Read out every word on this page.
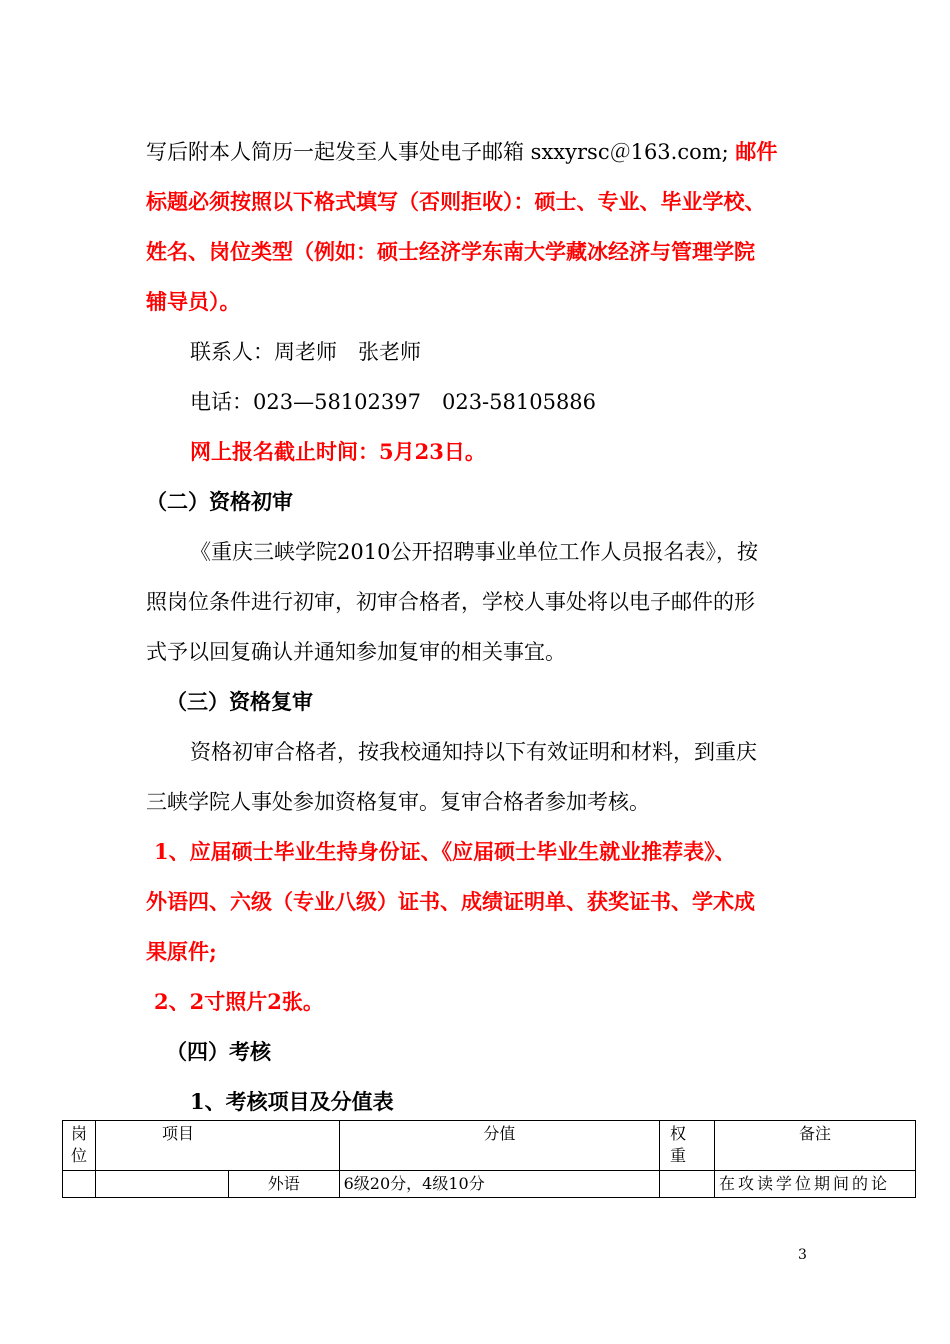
写后附本人简历一起发至人事处电子邮箱 sxxyrsc＠163.com; 邮件
标题必须按照以下格式填写（否则拒收）：硕士、专业、毕业学校、
姓名、岗位类型（例如：硕士经济学东南大学藏冰经济与管理学院
辅导员）。
联系人：周老师　张老师
电话：023—58102397　023-58105886
网上报名截止时间：5月23日。
（二）资格初审
《重庆三峡学院2010公开招聘事业单位工作人员报名表》，按
照岗位条件进行初审，初审合格者，学校人事处将以电子邮件的形
式予以回复确认并通知参加复审的相关事宜。
（三）资格复审
资格初审合格者，按我校通知持以下有效证明和材料，到重庆
三峡学院人事处参加资格复审。复审合格者参加考核。
1、应届硕士毕业生持身份证、《应届硕士毕业生就业推荐表》、
外语四、六级（专业八级）证书、成绩证明单、获奖证书、学术成
果原件;
2、2寸照片2张。
（四）考核
1、考核项目及分值表
岗位	项目		分值	权重	备注
		外语	6级20分，4级10分		在攻读学位期间的论
3
